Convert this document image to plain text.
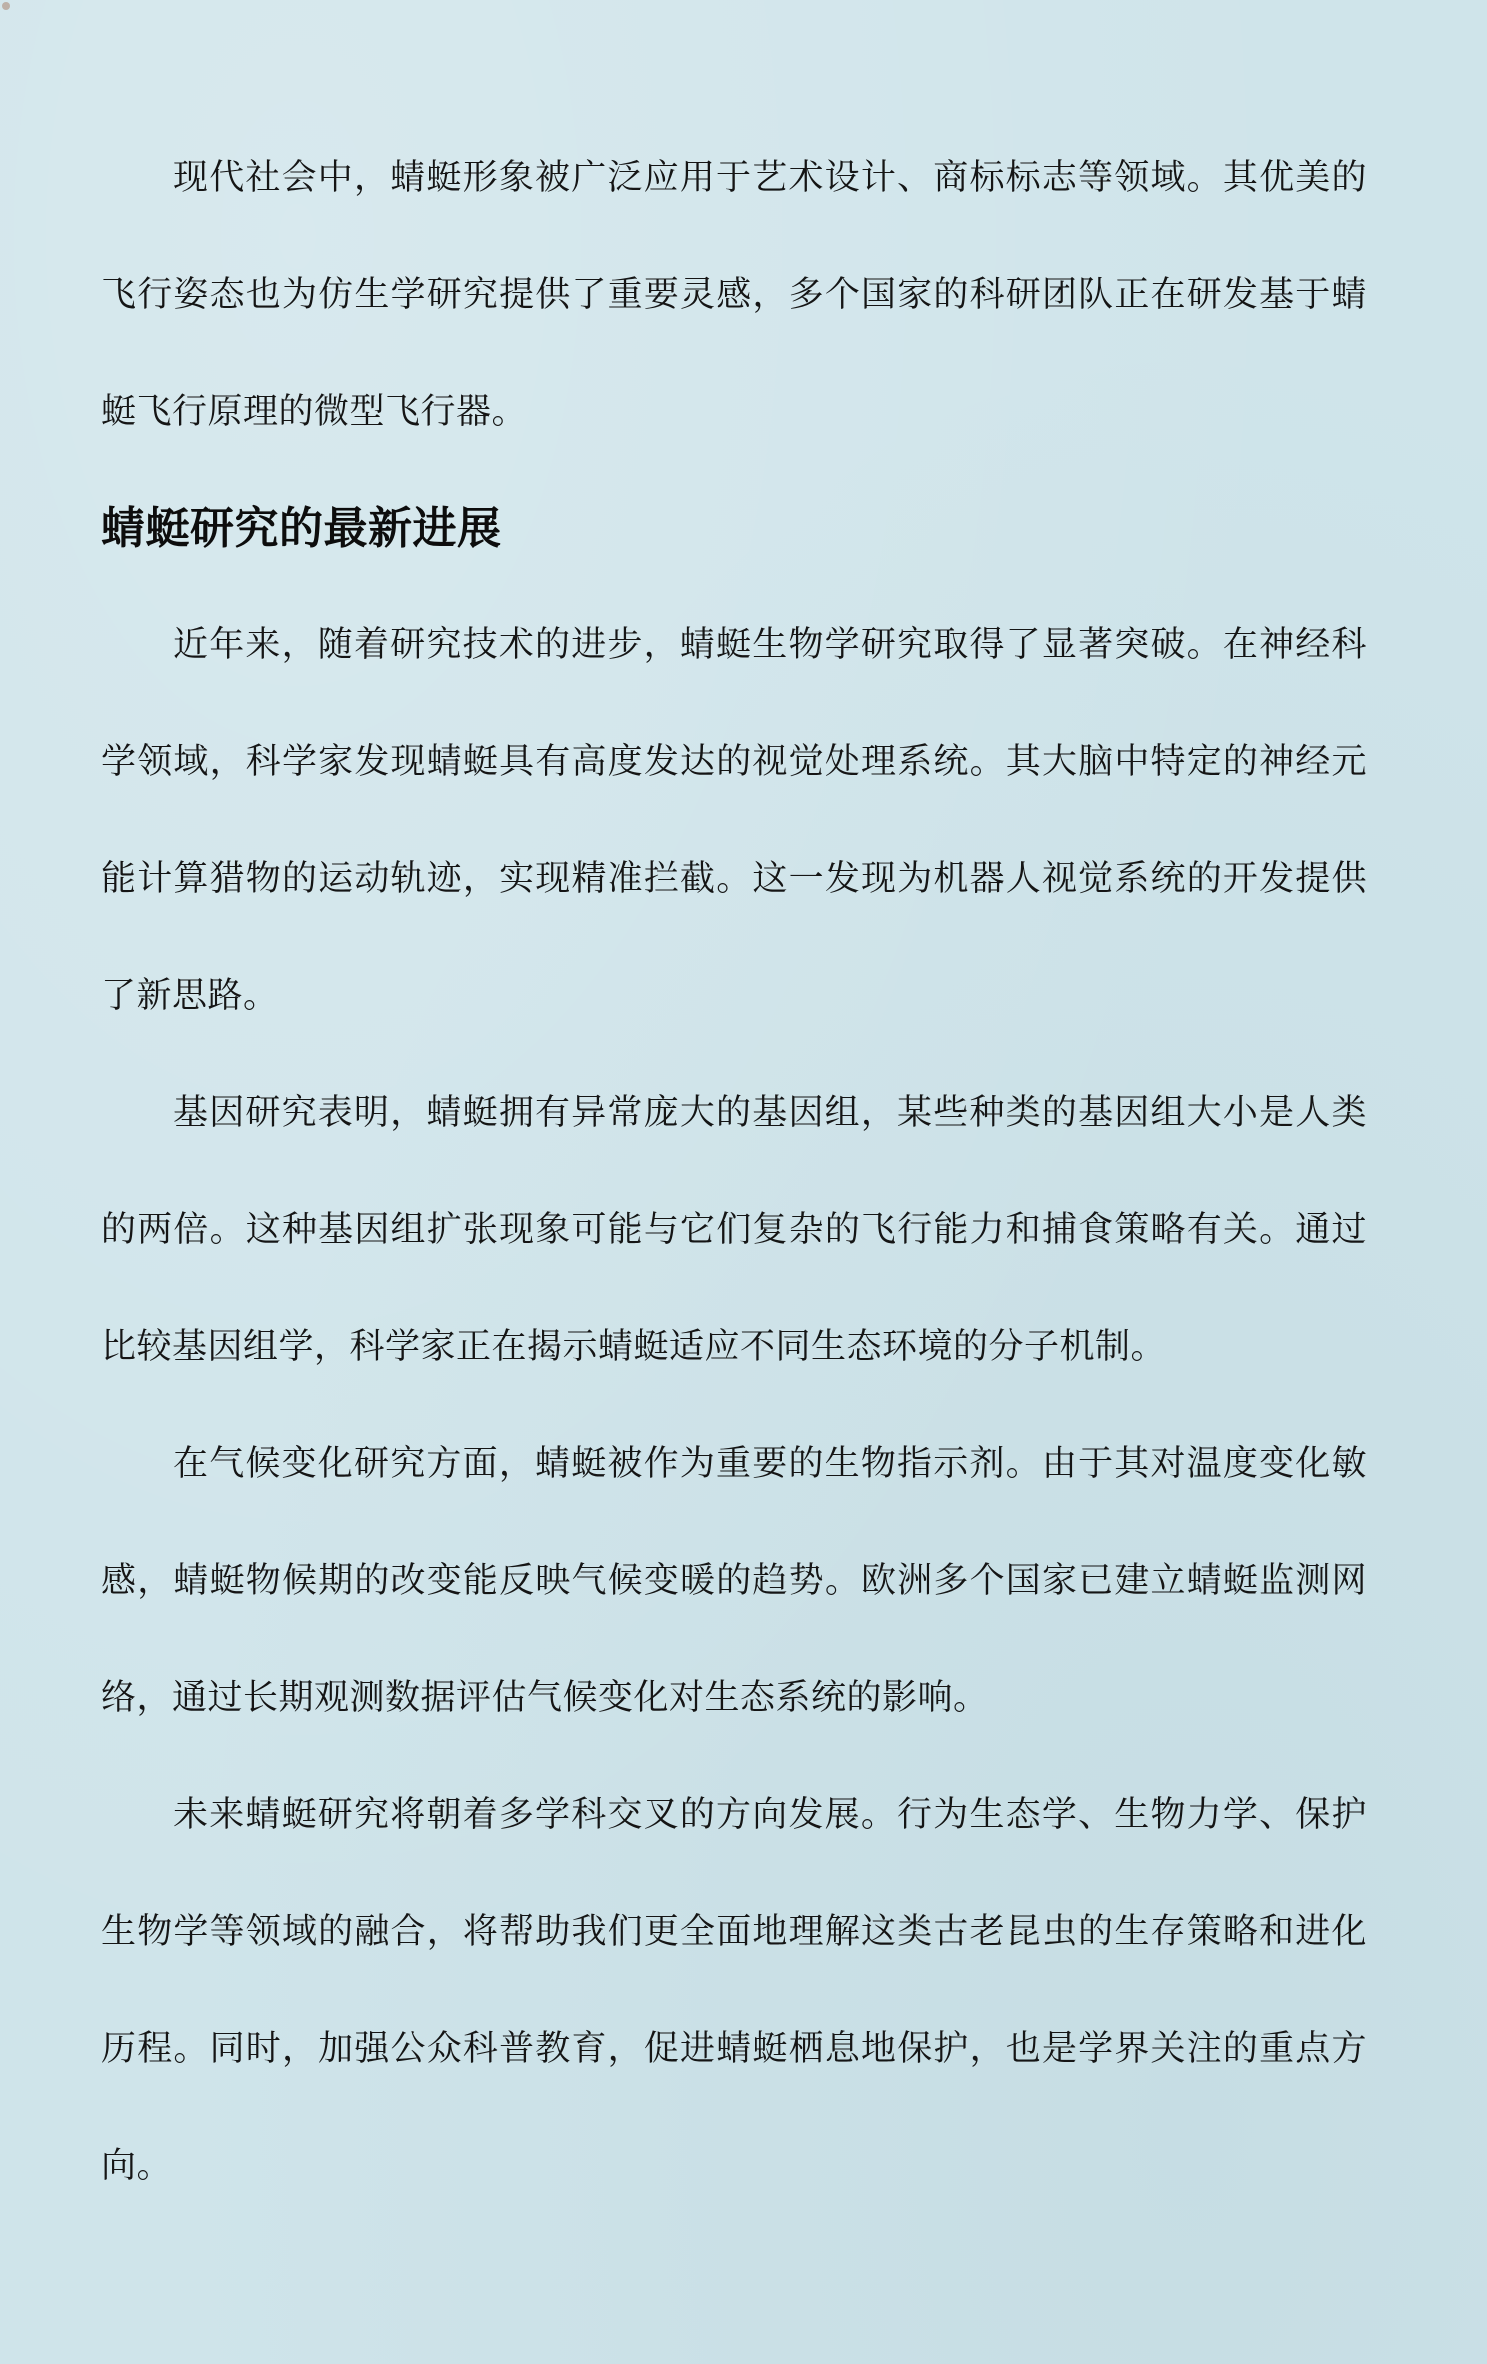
现代社会中，蜻蜓形象被广泛应用于艺术设计、商标标志等领域。其优美的飞行姿态也为仿生学研究提供了重要灵感，多个国家的科研团队正在研发基于蜻蜓飞行原理的微型飞行器。

蜻蜓研究的最新进展

近年来，随着研究技术的进步，蜻蜓生物学研究取得了显著突破。在神经科学领域，科学家发现蜻蜓具有高度发达的视觉处理系统。其大脑中特定的神经元能计算猎物的运动轨迹，实现精准拦截。这一发现为机器人视觉系统的开发提供了新思路。

基因研究表明，蜻蜓拥有异常庞大的基因组，某些种类的基因组大小是人类的两倍。这种基因组扩张现象可能与它们复杂的飞行能力和捕食策略有关。通过比较基因组学，科学家正在揭示蜻蜓适应不同生态环境的分子机制。

在气候变化研究方面，蜻蜓被作为重要的生物指示剂。由于其对温度变化敏感，蜻蜓物候期的改变能反映气候变暖的趋势。欧洲多个国家已建立蜻蜓监测网络，通过长期观测数据评估气候变化对生态系统的影响。

未来蜻蜓研究将朝着多学科交叉的方向发展。行为生态学、生物力学、保护生物学等领域的融合，将帮助我们更全面地理解这类古老昆虫的生存策略和进化历程。同时，加强公众科普教育，促进蜻蜓栖息地保护，也是学界关注的重点方向。
